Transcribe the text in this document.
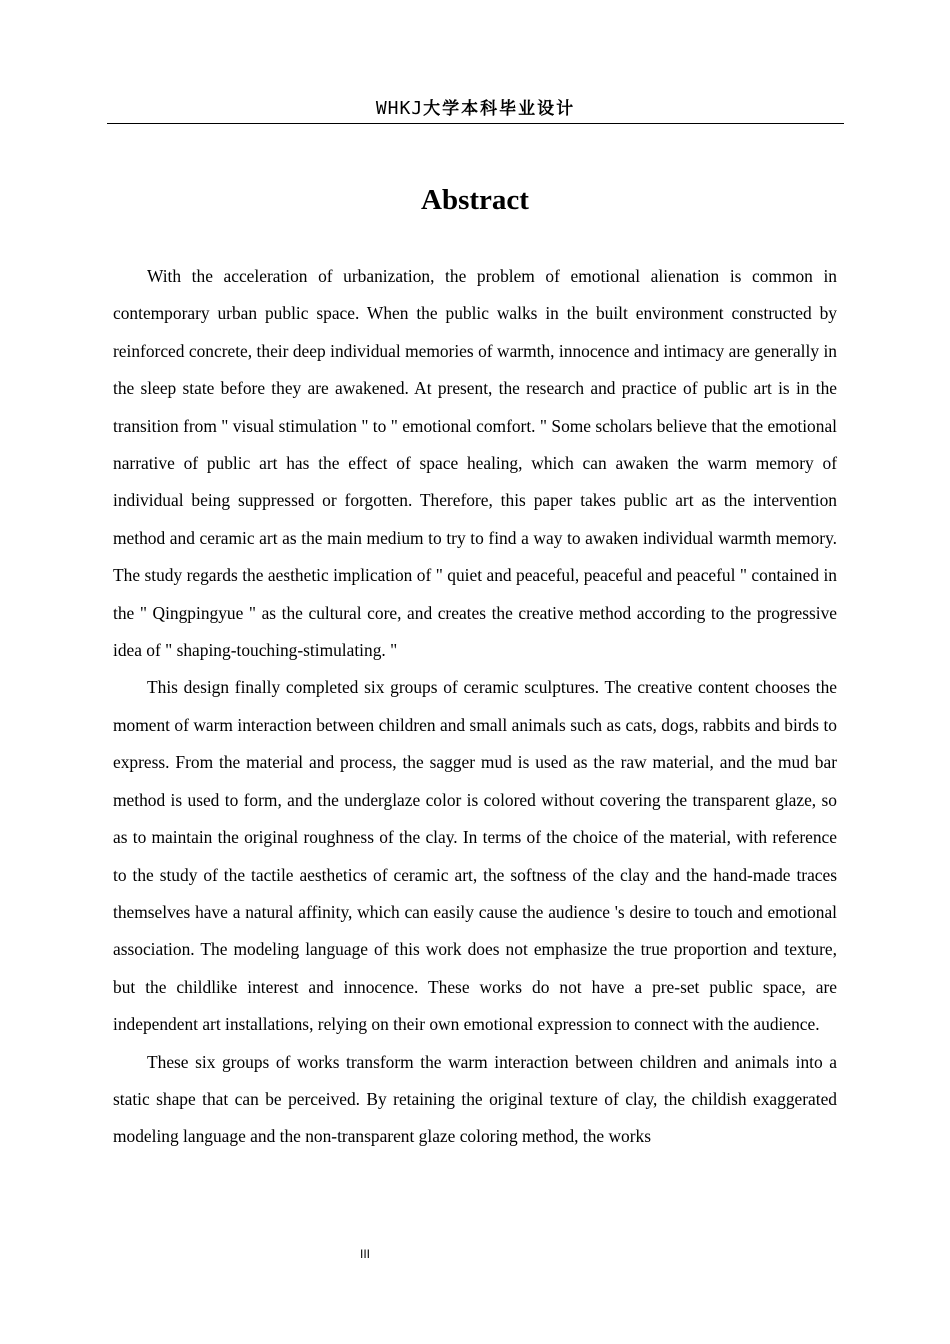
WHKJ大学本科毕业设计
Abstract

With the acceleration of urbanization, the problem of emotional alienation is common in contemporary urban public space. When the public walks in the built environment constructed by reinforced concrete, their deep individual memories of warmth, innocence and intimacy are generally in the sleep state before they are awakened. At present, the research and practice of public art is in the transition from " visual stimulation " to " emotional comfort. " Some scholars believe that the emotional narrative of public art has the effect of space healing, which can awaken the warm memory of individual being suppressed or forgotten. Therefore, this paper takes public art as the intervention method and ceramic art as the main medium to try to find a way to awaken individual warmth memory. The study regards the aesthetic implication of " quiet and peaceful, peaceful and peaceful " contained in the " Qingpingyue " as the cultural core, and creates the creative method according to the progressive idea of " shaping-touching-stimulating. "

This design finally completed six groups of ceramic sculptures. The creative content chooses the moment of warm interaction between children and small animals such as cats, dogs, rabbits and birds to express. From the material and process, the sagger mud is used as the raw material, and the mud bar method is used to form, and the underglaze color is colored without covering the transparent glaze, so as to maintain the original roughness of the clay. In terms of the choice of the material, with reference to the study of the tactile aesthetics of ceramic art, the softness of the clay and the hand-made traces themselves have a natural affinity, which can easily cause the audience 's desire to touch and emotional association. The modeling language of this work does not emphasize the true proportion and texture, but the childlike interest and innocence. These works do not have a pre-set public space, are independent art installations, relying on their own emotional expression to connect with the audience.

These six groups of works transform the warm interaction between children and animals into a static shape that can be perceived. By retaining the original texture of clay, the childish exaggerated modeling language and the non-transparent glaze coloring method, the works

III
